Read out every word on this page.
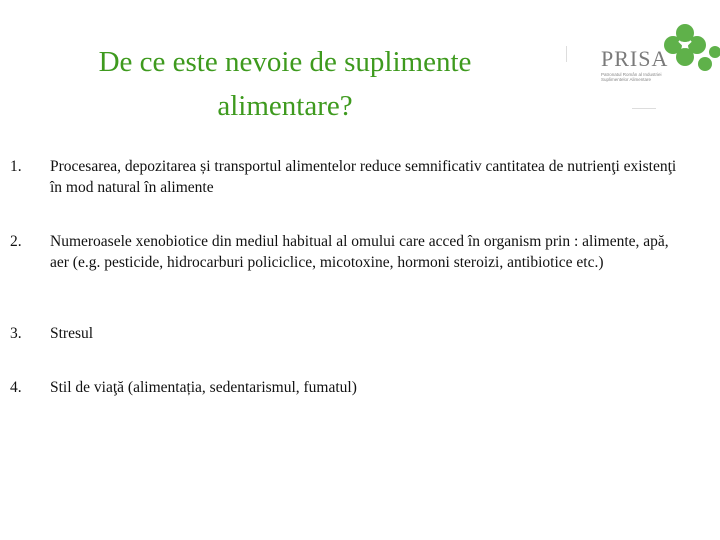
De ce este nevoie de suplimente
alimentare?
PRISA
Patronatul Român al Industriei Suplimentelor Alimentare
1.	Procesarea, depozitarea și transportul alimentelor reduce semnificativ cantitatea de nutrienţi existenţi în mod natural în alimente
2.	Numeroasele xenobiotice din mediul habitual al omului care acced în organism prin : alimente, apă, aer (e.g. pesticide, hidrocarburi policiclice, micotoxine, hormoni steroizi, antibiotice etc.)
3.	Stresul
4.	Stil de viaţă (alimentația, sedentarismul, fumatul)
